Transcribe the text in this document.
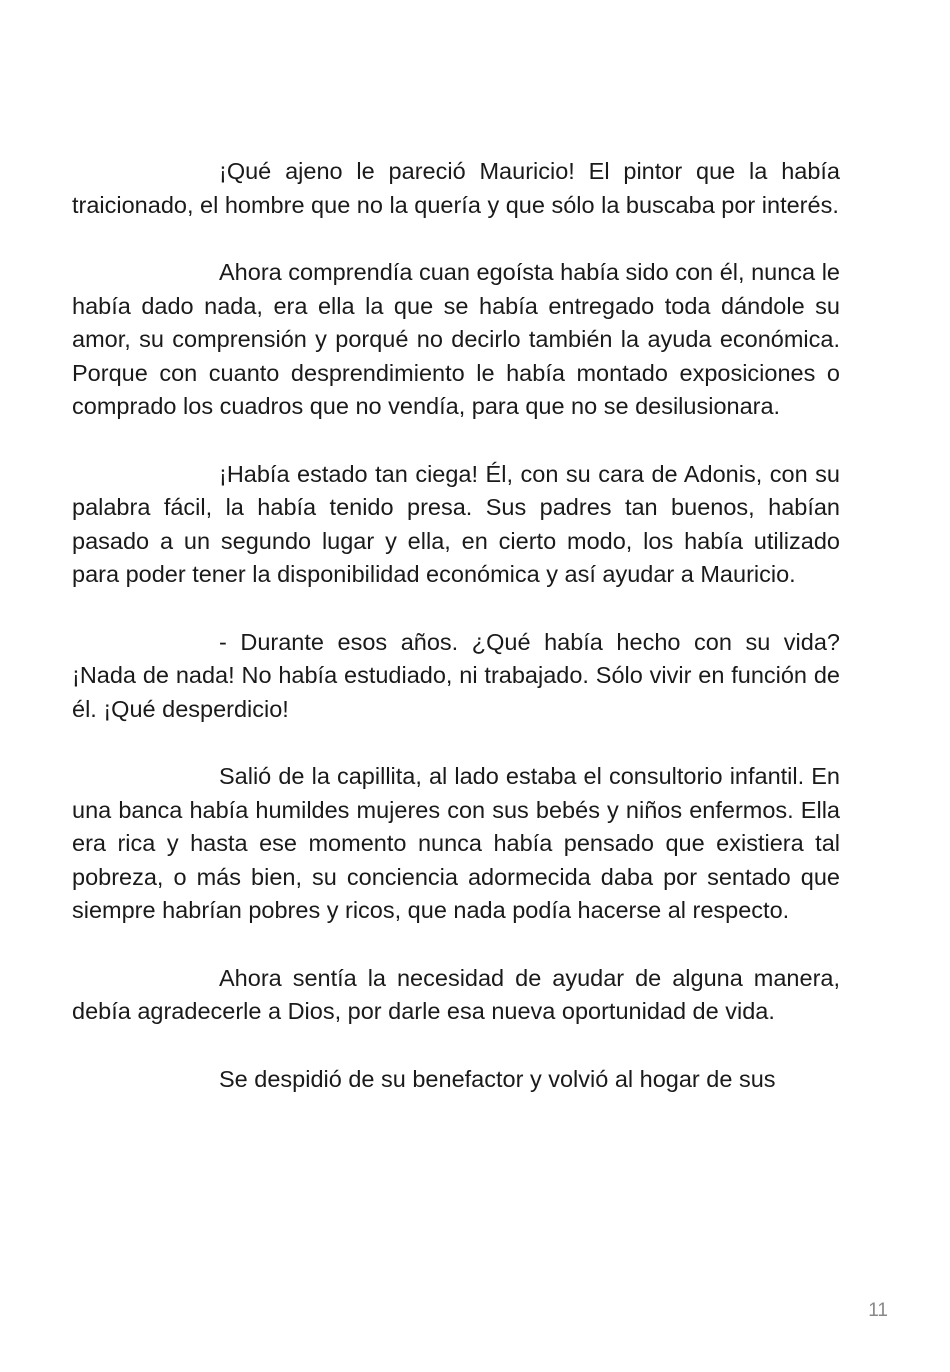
¡Qué ajeno le pareció Mauricio! El pintor que la había traicionado, el hombre que no la quería y que sólo la buscaba por interés.

Ahora comprendía cuan egoísta había sido con él, nunca le había dado nada, era ella la que se había entregado toda dándole su amor, su comprensión y porqué no decirlo también la ayuda económica. Porque con cuanto desprendimiento le había montado exposiciones o comprado los cuadros que no vendía, para que no se desilusionara.

¡Había estado tan ciega! Él, con su cara de Adonis, con su palabra fácil, la había tenido presa. Sus padres tan buenos, habían pasado a un segundo lugar y ella, en cierto modo, los había utilizado para poder tener la disponibilidad económica y así ayudar a Mauricio.

- Durante esos años. ¿Qué había hecho con su vida? ¡Nada de nada! No había estudiado, ni trabajado. Sólo vivir en función de él. ¡Qué desperdicio!

Salió de la capillita, al lado estaba el consultorio infantil. En una banca había humildes mujeres con sus bebés y niños enfermos. Ella era rica y hasta ese momento nunca había pensado que existiera tal pobreza, o más bien, su conciencia adormecida daba por sentado que siempre habrían pobres y ricos, que nada podía hacerse al respecto.

Ahora sentía la necesidad de ayudar de alguna manera, debía agradecerle a Dios, por darle esa nueva oportunidad de vida.

Se despidió de su benefactor y volvió al hogar de sus

11
